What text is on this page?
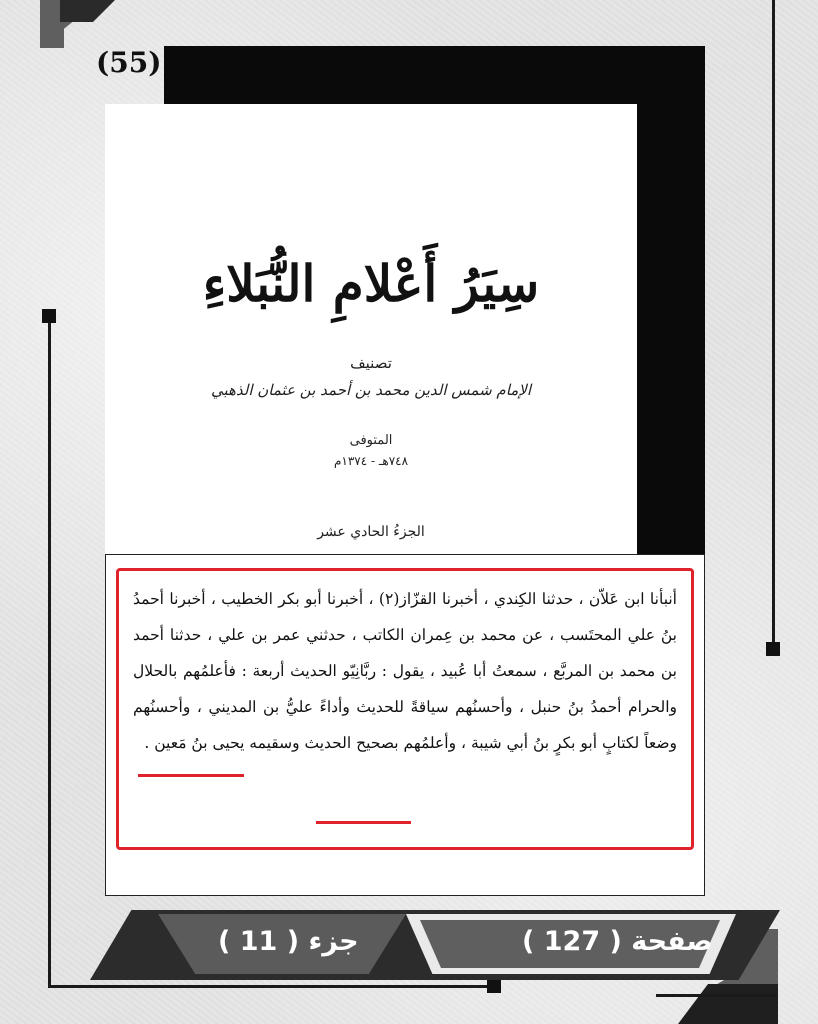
(55)
سِيَرُ أَعْلامِ النُّبَلاءِ
تصنيف
الإمام شمس الدين محمد بن أحمد بن عثمان الذهبي
المتوفى
٧٤٨هـ - ١٣٧٤م
الجزءُ الحادي عشر
أنبأنا ابن عَلاّن ، حدثنا الكِندي ، أخبرنا القزّاز(٢) ، أخبرنا أبو بكر الخطيب ، أخبرنا أحمدُ بنُ علي المحتَسب ، عن محمد بن عِمران الكاتب ، حدثني عمر بن علي ، حدثنا أحمد بن محمد بن المربَّع ، سمعتُ أبا عُبيد ، يقول : ربَّانِيّو الحديث أربعة : فأعلمُهم بالحلال والحرام أحمدُ بنُ حنبل ، وأحسنُهم سياقةً للحديث وأداءً عليُّ بن المديني ، وأحسنُهم وضعاً لكتابٍ أبو بكرٍ بنُ أبي شيبة ، وأعلمُهم بصحيح الحديث وسقيمه يحيى بنُ مَعين .
جزء ( 11 )	صفحة ( 127 )
